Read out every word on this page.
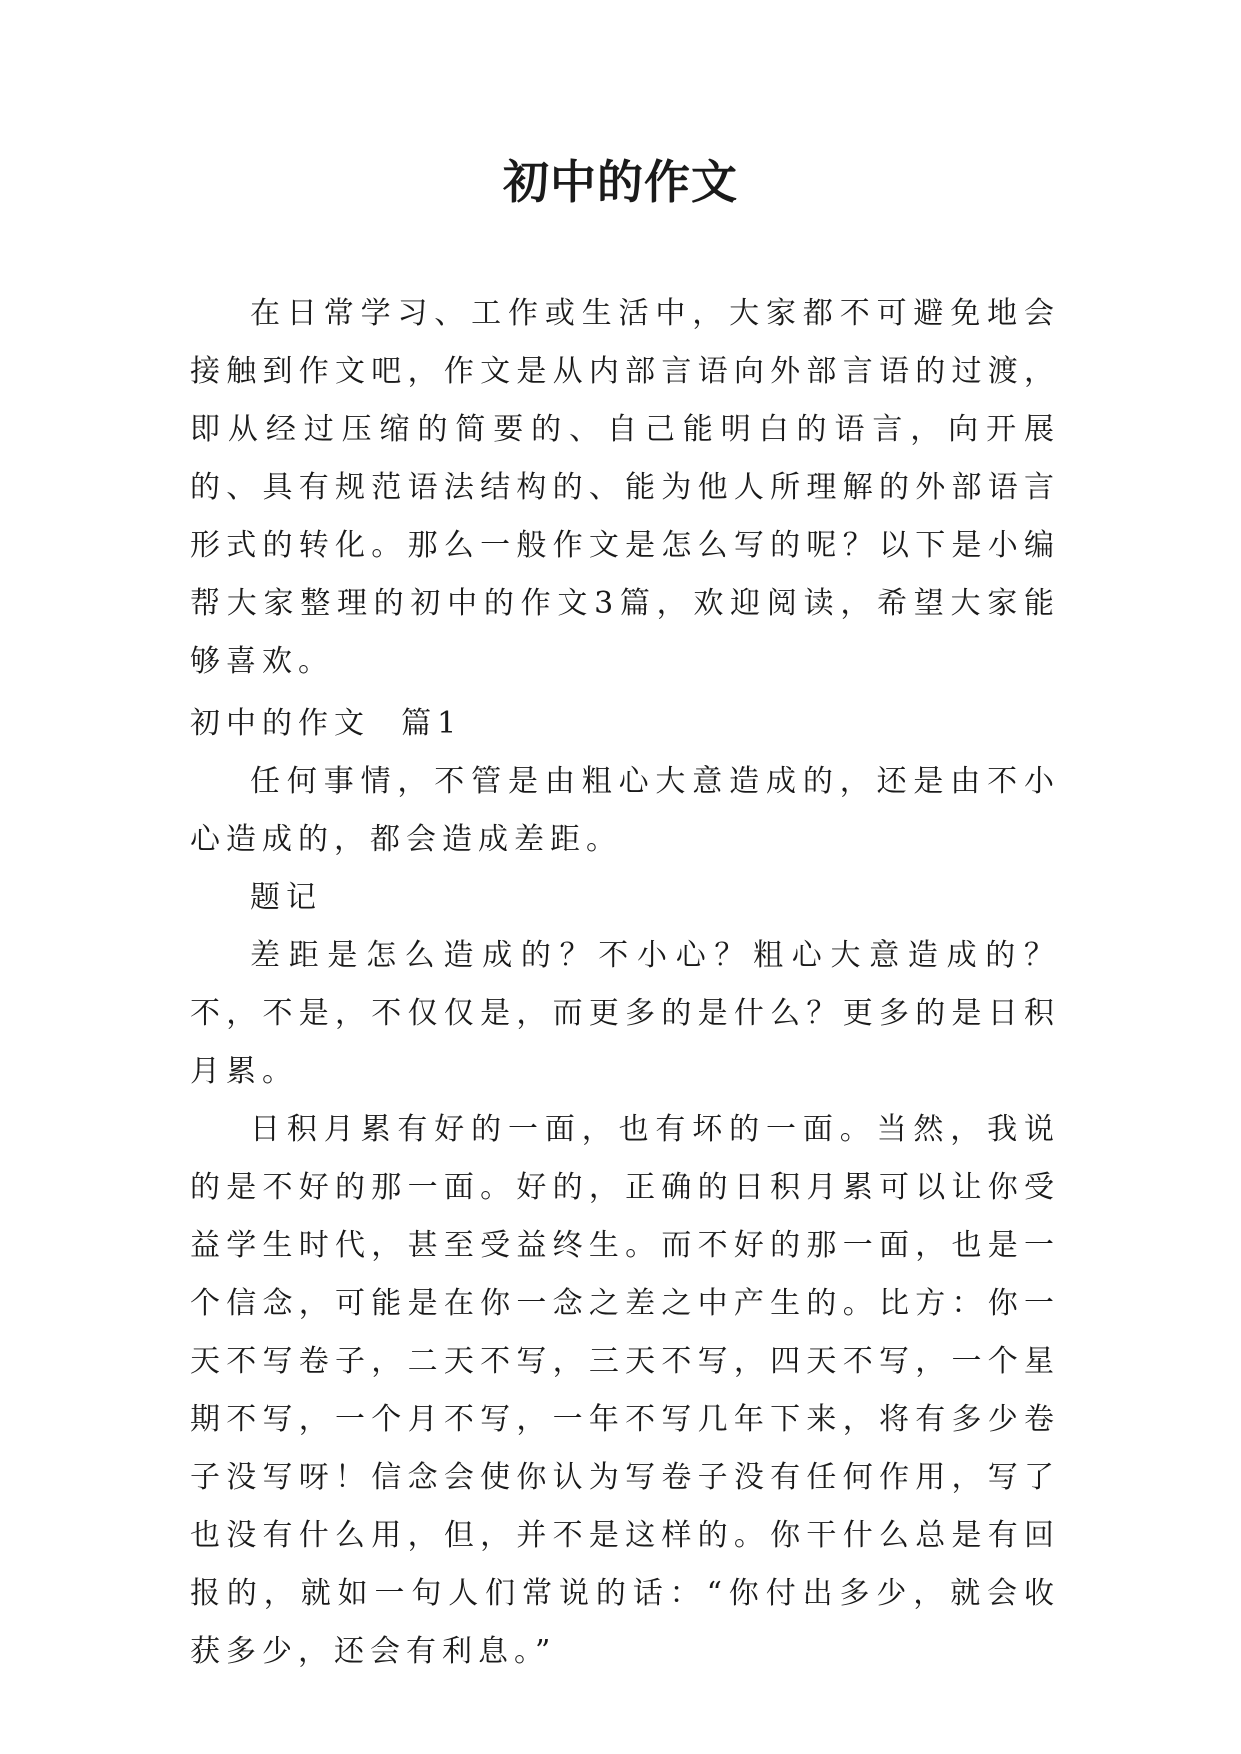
初中的作文

在日常学习、工作或生活中，大家都不可避免地会接触到作文吧，作文是从内部言语向外部言语的过渡，即从经过压缩的简要的、自己能明白的语言，向开展的、具有规范语法结构的、能为他人所理解的外部语言形式的转化。那么一般作文是怎么写的呢？以下是小编帮大家整理的初中的作文3篇，欢迎阅读，希望大家能够喜欢。

初中的作文  篇1

任何事情，不管是由粗心大意造成的，还是由不小心造成的，都会造成差距。

题记

差距是怎么造成的？不小心？粗心大意造成的？不，不是，不仅仅是，而更多的是什么？更多的是日积月累。

日积月累有好的一面，也有坏的一面。当然，我说的是不好的那一面。好的，正确的日积月累可以让你受益学生时代，甚至受益终生。而不好的那一面，也是一个信念，可能是在你一念之差之中产生的。比方：你一天不写卷子，二天不写，三天不写，四天不写，一个星期不写，一个月不写，一年不写几年下来，将有多少卷子没写呀！信念会使你认为写卷子没有任何作用，写了也没有什么用，但，并不是这样的。你干什么总是有回报的，就如一句人们常说的话：“你付出多少，就会收获多少，还会有利息。”
